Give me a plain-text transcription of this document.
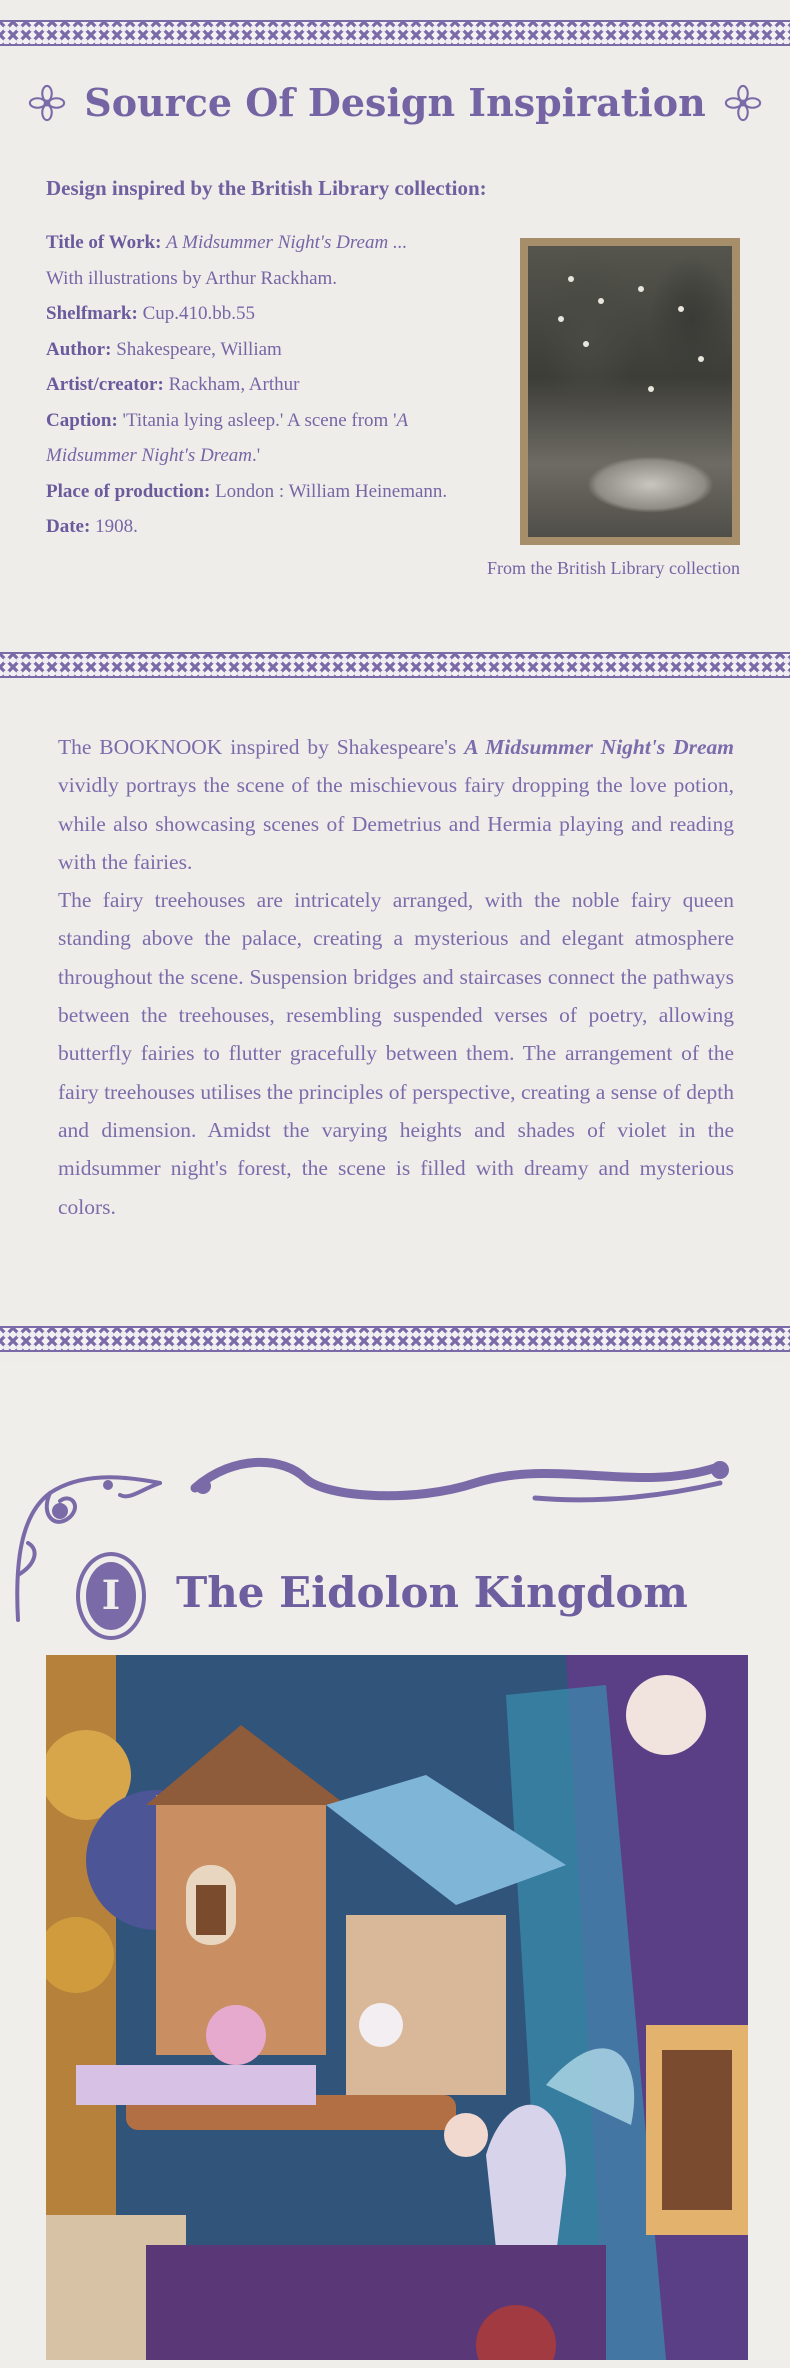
Source Of Design Inspiration
Design inspired by the British Library collection:
Title of Work: A Midsummer Night's Dream ...
With illustrations by Arthur Rackham.
Shelfmark: Cup.410.bb.55
Author: Shakespeare, William
Artist/creator: Rackham, Arthur
Caption: 'Titania lying asleep.' A scene from 'A Midsummer Night's Dream.'
Place of production: London : William Heinemann.
Date: 1908.
From the British Library collection

The BOOKNOOK inspired by Shakespeare's A Midsummer Night's Dream vividly portrays the scene of the mischievous fairy dropping the love potion, while also showcasing scenes of Demetrius and Hermia playing and reading with the fairies.

The fairy treehouses are intricately arranged, with the noble fairy queen standing above the palace, creating a mysterious and elegant atmosphere throughout the scene. Suspension bridges and staircases connect the pathways between the treehouses, resembling suspended verses of poetry, allowing butterfly fairies to flutter gracefully between them. The arrangement of the fairy treehouses utilises the principles of perspective, creating a sense of depth and dimension. Amidst the varying heights and shades of violet in the midsummer night's forest, the scene is filled with dreamy and mysterious colors.

I	The Eidolon Kingdom
